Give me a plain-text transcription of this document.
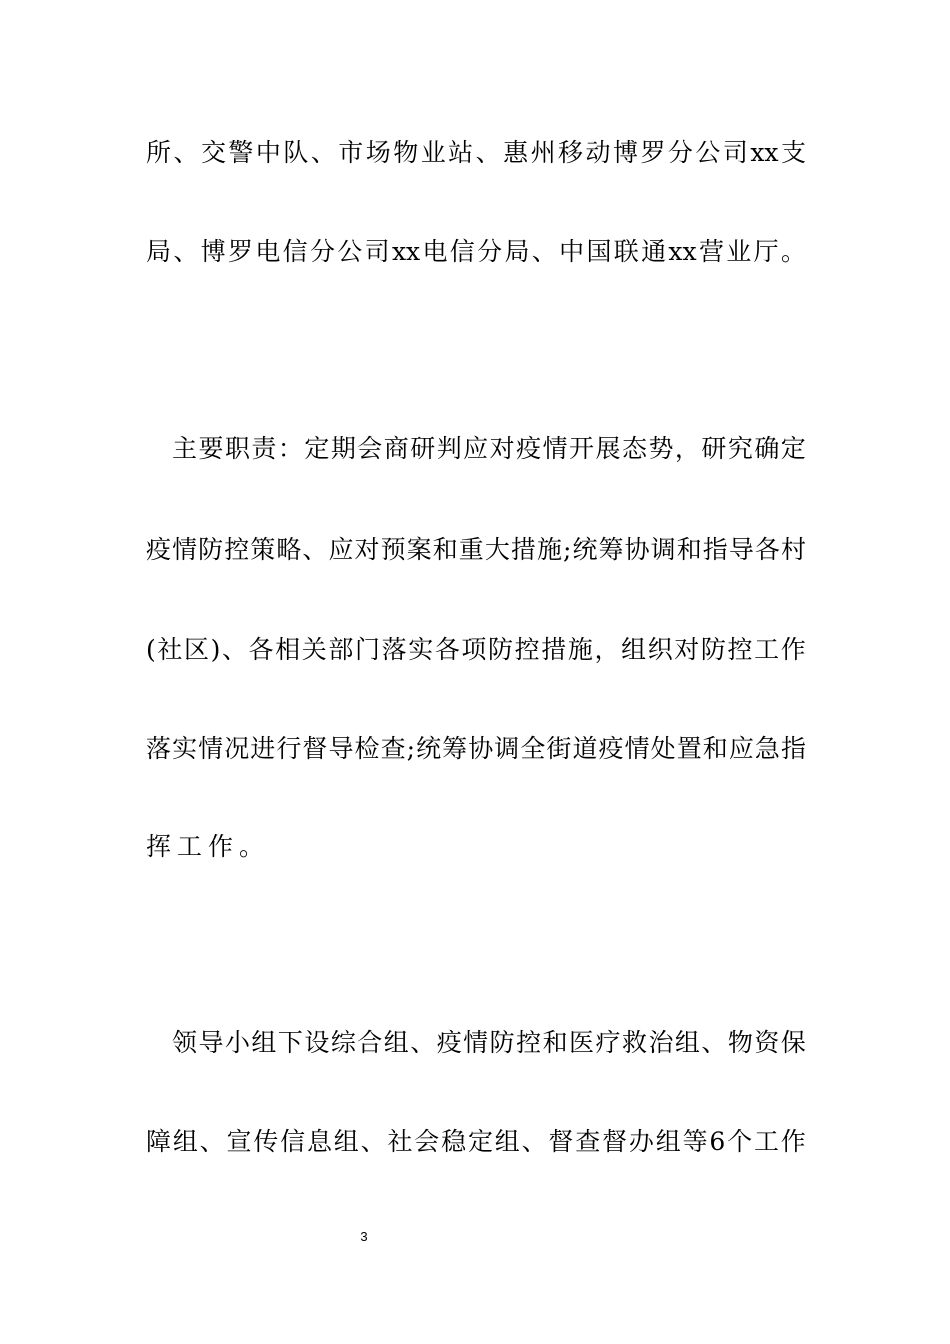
所 、 交 警 中 队 、 市 场 物 业 站 、 惠 州 移 动 博 罗 分 公 司 xx 支
局 、 博 罗 电 信 分 公 司 xx 电 信 分 局 、 中 国 联 通 xx 营 业 厅 。
主 要 职 责 ： 定 期 会 商 研 判 应 对 疫 情 开 展 态 势 ， 研 究 确 定
疫 情 防 控 策 略 、 应 对 预 案 和 重 大 措 施 ; 统 筹 协 调 和 指 导 各 村
( 社 区 ) 、 各 相 关 部 门 落 实 各 项 防 控 措 施 ， 组 织 对 防 控 工 作
落 实 情 况 进 行 督 导 检 查 ; 统 筹 协 调 全 街 道 疫 情 处 置 和 应 急 指
挥工作。
领 导 小 组 下 设 综 合 组 、 疫 情 防 控 和 医 疗 救 治 组 、 物 资 保
障 组 、 宣 传 信 息 组 、 社 会 稳 定 组 、 督 查 督 办 组 等 6 个 工 作
3
